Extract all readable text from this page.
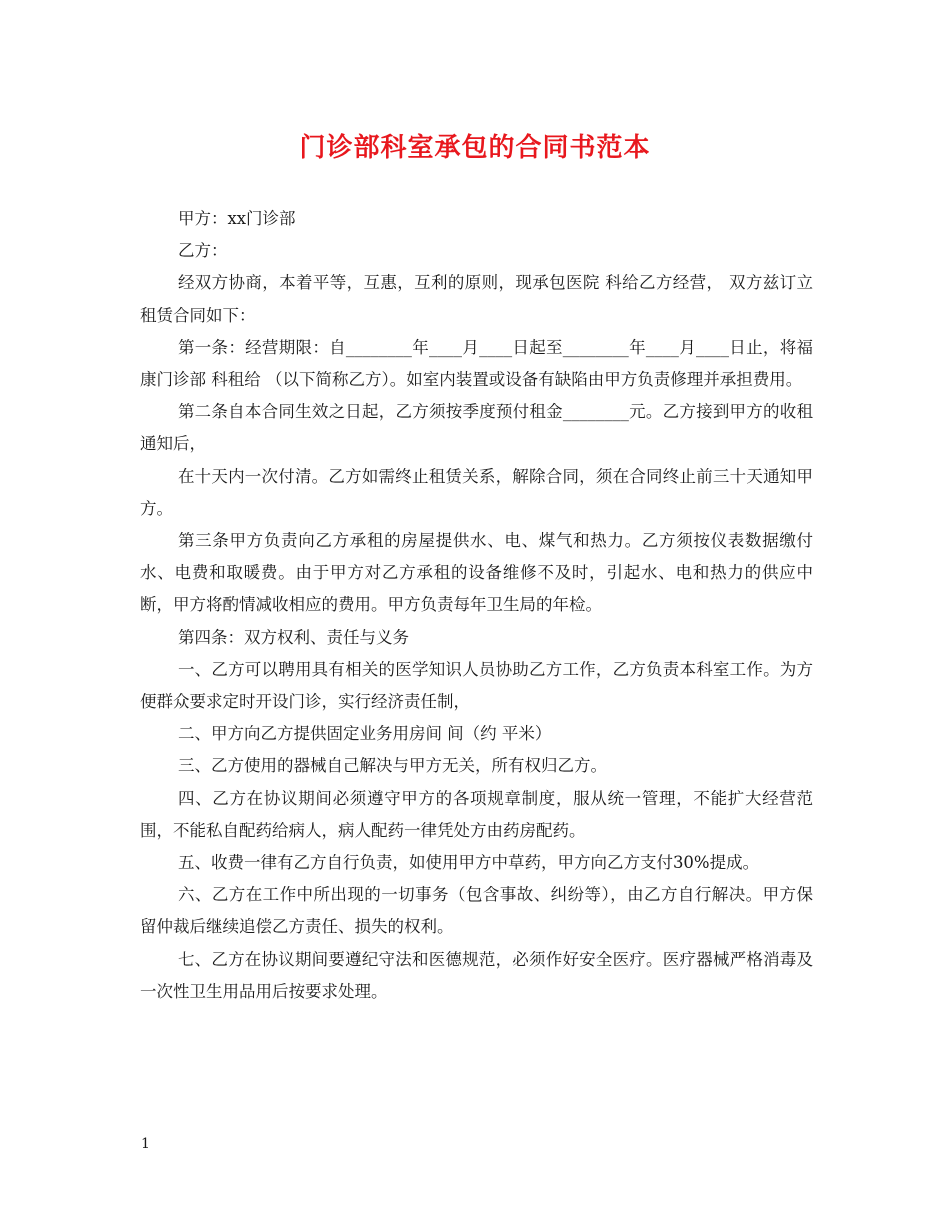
门诊部科室承包的合同书范本

甲方：xx门诊部

乙方：

经双方协商，本着平等，互惠，互利的原则，现承包医院 科给乙方经营， 双方兹订立租赁合同如下：

第一条：经营期限：自________年____月____日起至________年____月____日止，将福康门诊部 科租给 （以下简称乙方）。如室内装置或设备有缺陷由甲方负责修理并承担费用。

第二条自本合同生效之日起，乙方须按季度预付租金________元。乙方接到甲方的收租通知后，

在十天内一次付清。乙方如需终止租赁关系，解除合同，须在合同终止前三十天通知甲方。

第三条甲方负责向乙方承租的房屋提供水、电、煤气和热力。乙方须按仪表数据缴付水、电费和取暖费。由于甲方对乙方承租的设备维修不及时，引起水、电和热力的供应中断，甲方将酌情减收相应的费用。甲方负责每年卫生局的年检。

第四条：双方权利、责任与义务

一、乙方可以聘用具有相关的医学知识人员协助乙方工作，乙方负责本科室工作。为方便群众要求定时开设门诊，实行经济责任制，

二、甲方向乙方提供固定业务用房间 间（约 平米）

三、乙方使用的器械自己解决与甲方无关，所有权归乙方。

四、乙方在协议期间必须遵守甲方的各项规章制度，服从统一管理，不能扩大经营范围，不能私自配药给病人，病人配药一律凭处方由药房配药。

五、收费一律有乙方自行负责，如使用甲方中草药，甲方向乙方支付30%提成。

六、乙方在工作中所出现的一切事务（包含事故、纠纷等），由乙方自行解决。甲方保留仲裁后继续追偿乙方责任、损失的权利。

七、乙方在协议期间要遵纪守法和医德规范，必须作好安全医疗。医疗器械严格消毒及一次性卫生用品用后按要求处理。

1
